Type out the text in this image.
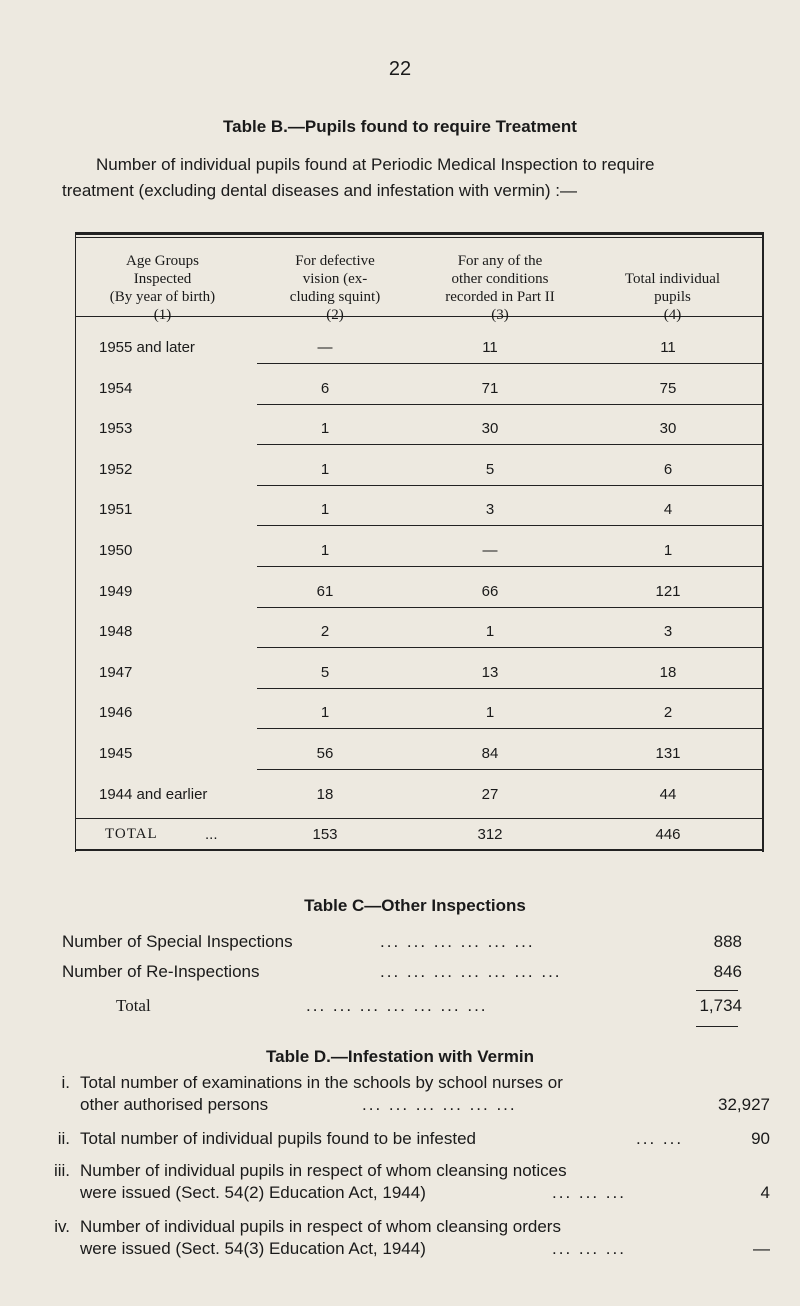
22
Table B.—Pupils found to require Treatment
Number of individual pupils found at Periodic Medical Inspection to require
treatment (excluding dental diseases and infestation with vermin) :—
Age Groups
Inspected
(By year of birth)
(1)
For defective
vision (ex-
cluding squint)
(2)
For any of the
other conditions
recorded in Part II
(3)
Total individual
pupils
(4)
1955 and later	—	11	11
1954	6	71	75
1953	1	30	30
1952	1	5	6
1951	1	3	4
1950	1	—	1
1949	61	66	121
1948	2	1	3
1947	5	13	18
1946	1	1	2
1945	56	84	131
1944 and earlier	18	27	44
TOTAL	...	153	312	446
Table C—Other Inspections
Number of Special Inspections	... ... ... ... ... ...	888
Number of Re-Inspections	... ... ... ... ... ... ...	846
Total	... ... ... ... ... ... ...	1,734
Table D.—Infestation with Vermin
i. Total number of examinations in the schools by school nurses or
other authorised persons	... ... ... ... ... ...	32,927
ii. Total number of individual pupils found to be infested	... ...	90
iii. Number of individual pupils in respect of whom cleansing notices
were issued (Sect. 54(2) Education Act, 1944)	... ... ...	4
iv. Number of individual pupils in respect of whom cleansing orders
were issued (Sect. 54(3) Education Act, 1944)	... ... ...	—
